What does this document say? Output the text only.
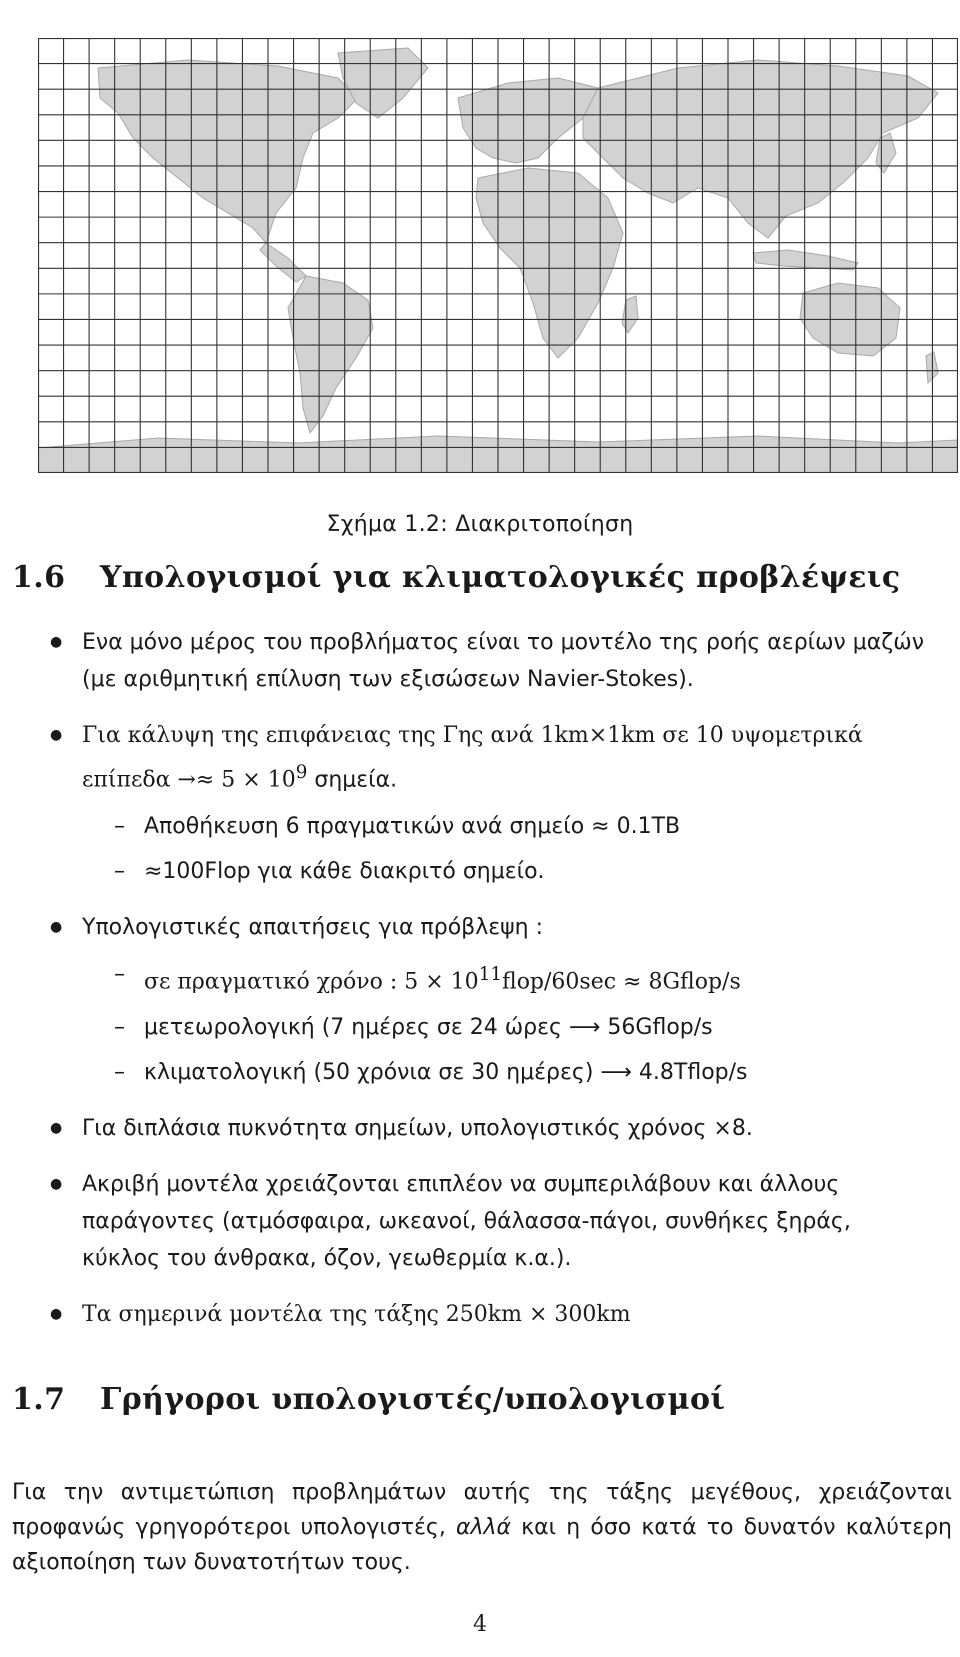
Σχήμα 1.2: Διακριτοποίηση
1.6 Υπολογισμοί για κλιματολογικές προβλέψεις
● Ενα μόνο μέρος του προβλήματος είναι το μοντέλο της ροής αερίων μαζών (με αριθμητική επίλυση των εξισώσεων Navier-Stokes).
● Για κάλυψη της επιφάνειας της Γης ανά 1km×1km σε 10 υψομετρικά $\varepsilon\pi ί\pi\varepsilon\delta\alpha \to\approx 5 \times 10^9$ σημεία.
– Αποθήκευση 6 πραγματικών ανά σημείο ≈ 0.1TB
– ≈100Flop για κάθε διακριτό σημείο.
● Υπολογιστικές απαιτήσεις για πρόβλεψη :
– σε πραγματικό χρόνο : $5 \times 10^{11}flop/60\sec$ ≈ 8Gflop/s
– μετεωρολογική (7 ημέρες σε 24 ώρες ⟶ 56Gflop/s
– κλιματολογική (50 χρόνια σε 30 ημέρες) ⟶ 4.8Tflop/s
● Για διπλάσια πυκνότητα σημείων, υπολογιστικός χρόνος ×8.
● Ακριβή μοντέλα χρειάζονται επιπλέον να συμπεριλάβουν και άλλους παράγοντες (ατμόσφαιρα, ωκεανοί, θάλασσα-πάγοι, συνθήκες ξηράς, κύκλος του άνθρακα, όζον, γεωθερμία κ.α.).
● Τα σημερινά μοντέλα της τάξης 250km × 300km
1.7 Γρήγοροι υπολογιστές/υπολογισμοί

Για την αντιμετώπιση προβλημάτων αυτής της τάξης μεγέθους, χρειάζονται προφανώς γρηγορότεροι υπολογιστές, αλλά και η όσο κατά το δυνατόν καλύτερη αξιοποίηση των δυνατοτήτων τους.

4
